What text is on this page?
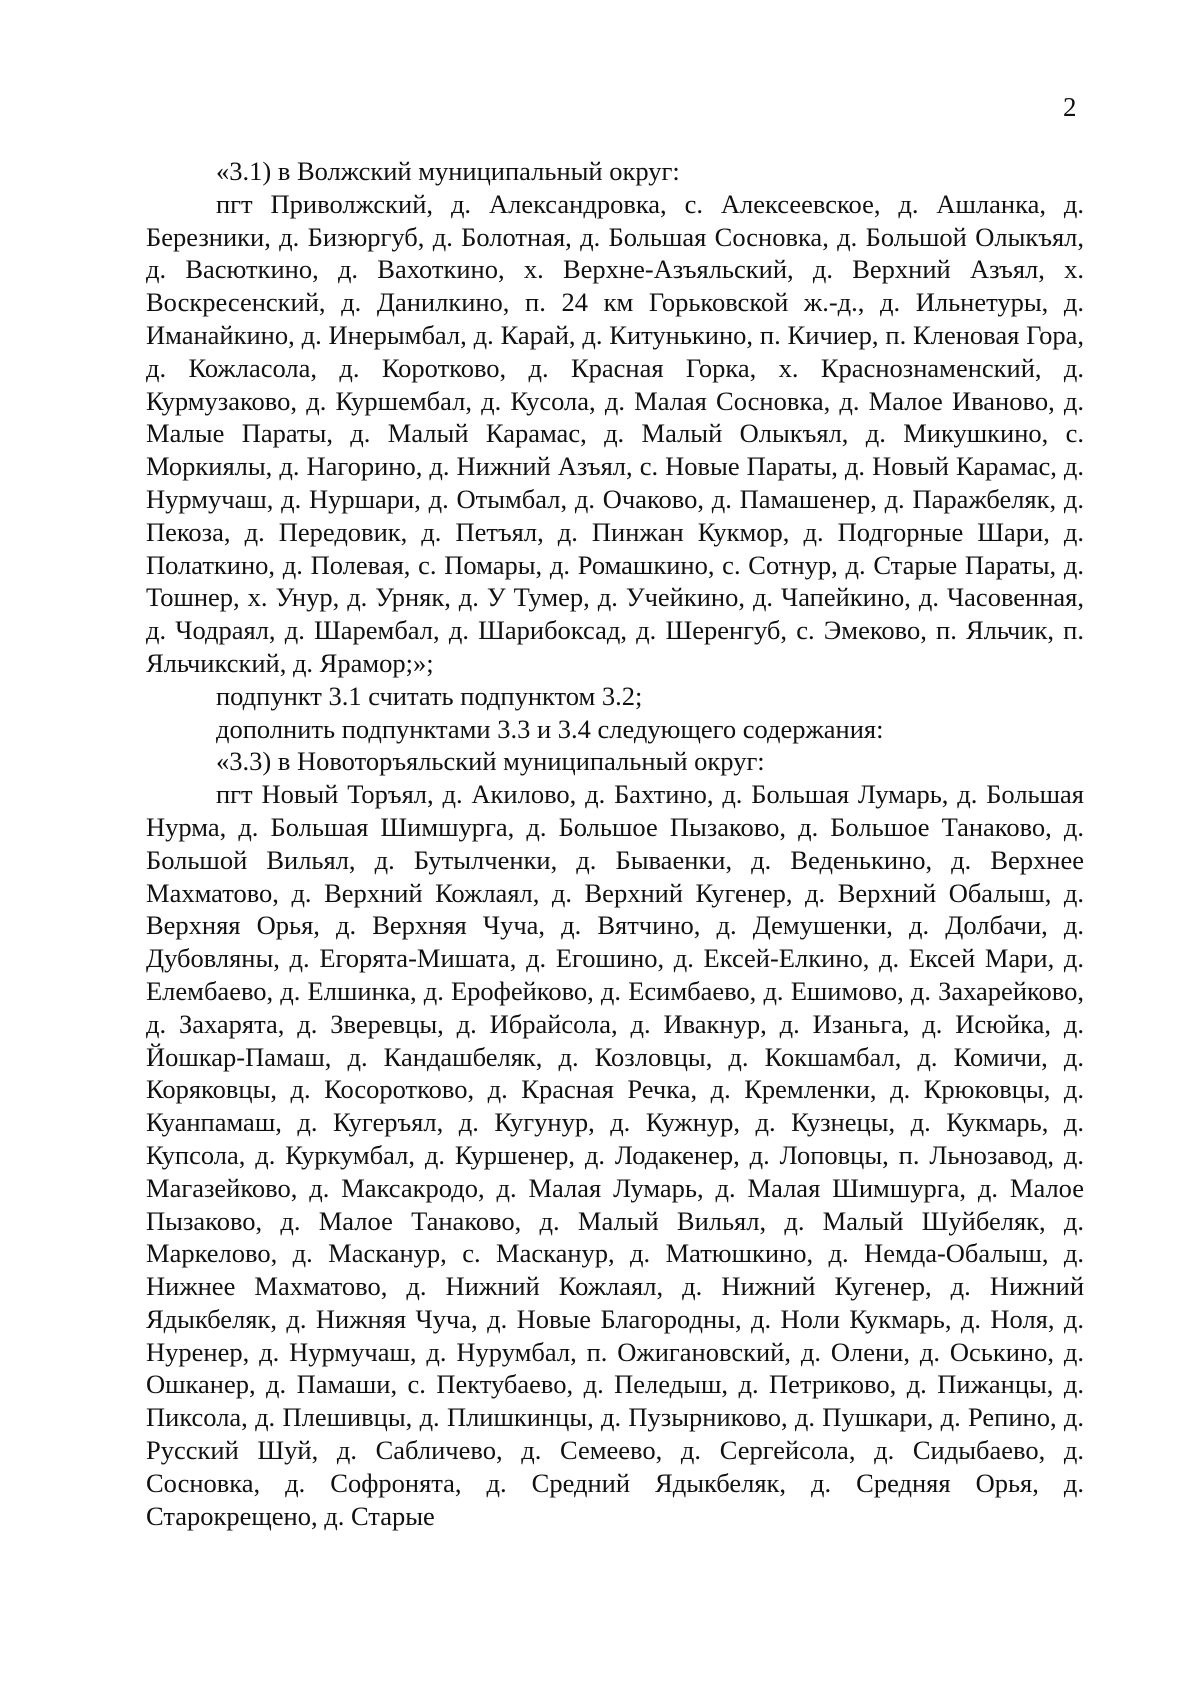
2

«3.1) в Волжский муниципальный округ:

пгт Приволжский, д. Александровка, с. Алексеевское, д. Ашланка, д. Березники, д. Бизюргуб, д. Болотная, д. Большая Сосновка, д. Большой Олыкъял, д. Васюткино, д. Вахоткино, х. Верхне-Азъяльский, д. Верхний Азъял, х. Воскресенский, д. Данилкино, п. 24 км Горьковской ж.-д., д. Ильнетуры, д. Иманайкино, д. Инерымбал, д. Карай, д. Китунькино, п. Кичиер, п. Кленовая Гора, д. Кожласола, д. Коротково, д. Красная Горка, х. Краснознаменский, д. Курмузаково, д. Куршембал, д. Кусола, д. Малая Сосновка, д. Малое Иваново, д. Малые Параты, д. Малый Карамас, д. Малый Олыкъял, д. Микушкино, с. Моркиялы, д. Нагорино, д. Нижний Азъял, с. Новые Параты, д. Новый Карамас, д. Нурмучаш, д. Нуршари, д. Отымбал, д. Очаково, д. Памашенер, д. Паражбеляк, д. Пекоза, д. Передовик, д. Петъял, д. Пинжан Кукмор, д. Подгорные Шари, д. Полаткино, д. Полевая, с. Помары, д. Ромашкино, с. Сотнур, д. Старые Параты, д. Тошнер, х. Унур, д. Урняк, д. У Тумер, д. Учейкино, д. Чапейкино, д. Часовенная, д. Чодраял, д. Шарембал, д. Шарибоксад, д. Шеренгуб, с. Эмеково, п. Яльчик, п. Яльчикский, д. Ярамор;»;

подпункт 3.1 считать подпунктом 3.2;

дополнить подпунктами 3.3 и 3.4 следующего содержания:

«3.3) в Новоторъяльский муниципальный округ:

пгт Новый Торъял, д. Акилово, д. Бахтино, д. Большая Лумарь, д. Большая Нурма, д. Большая Шимшурга, д. Большое Пызаково, д. Большое Танаково, д. Большой Вильял, д. Бутылченки, д. Бываенки, д. Веденькино, д. Верхнее Махматово, д. Верхний Кожлаял, д. Верхний Кугенер, д. Верхний Обалыш, д. Верхняя Орья, д. Верхняя Чуча, д. Вятчино, д. Демушенки, д. Долбачи, д. Дубовляны, д. Егорята-Мишата, д. Егошино, д. Ексей-Елкино, д. Ексей Мари, д. Елембаево, д. Елшинка, д. Ерофейково, д. Есимбаево, д. Ешимово, д. Захарейково, д. Захарята, д. Зверевцы, д. Ибрайсола, д. Ивакнур, д. Изаньга, д. Исюйка, д. Йошкар-Памаш, д. Кандашбеляк, д. Козловцы, д. Кокшамбал, д. Комичи, д. Коряковцы, д. Косоротково, д. Красная Речка, д. Кремленки, д. Крюковцы, д. Куанпамаш, д. Кугеръял, д. Кугунур, д. Кужнур, д. Кузнецы, д. Кукмарь, д. Купсола, д. Куркумбал, д. Куршенер, д. Лодакенер, д. Лоповцы, п. Льнозавод, д. Магазейково, д. Максакродо, д. Малая Лумарь, д. Малая Шимшурга, д. Малое Пызаково, д. Малое Танаково, д. Малый Вильял, д. Малый Шуйбеляк, д. Маркелово, д. Масканур, с. Масканур, д. Матюшкино, д. Немда-Обалыш, д. Нижнее Махматово, д. Нижний Кожлаял, д. Нижний Кугенер, д. Нижний Ядыкбеляк, д. Нижняя Чуча, д. Новые Благородны, д. Ноли Кукмарь, д. Ноля, д. Нуренер, д. Нурмучаш, д. Нурумбал, п. Ожигановский, д. Олени, д. Оськино, д. Ошканер, д. Памаши, с. Пектубаево, д. Пеледыш, д. Петриково, д. Пижанцы, д. Пиксола, д. Плешивцы, д. Плишкинцы, д. Пузырниково, д. Пушкари, д. Репино, д. Русский Шуй, д. Сабличево, д. Семеево, д. Сергейсола, д. Сидыбаево, д. Сосновка, д. Софронята, д. Средний Ядыкбеляк, д. Средняя Орья, д. Старокрещено, д. Старые
